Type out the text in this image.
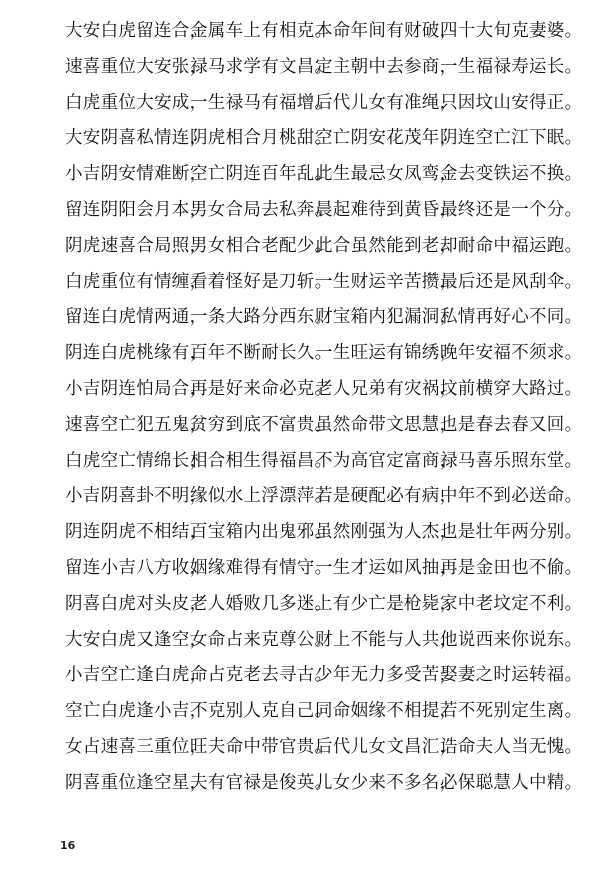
大安白虎留连合，
金属车上有相克。
本命年间有财破，
四十大旬克妻婆。
速喜重位大安张，
禄马求学有文昌。
定主朝中去参商，
一生福禄寿运长。
白虎重位大安成，
一生禄马有福增。
后代儿女有准绳，
只因坟山安得正。
大安阴喜私情连，
阴虎相合月桃甜。
空亡阴安花茂年，
阴连空亡江下眠。
小吉阴安情难断，
空亡阴连百年乱。
此生最忌女凤鸾，
金去变铁运不换。
留连阴阳会月本，
男女合局去私奔。
晨起难待到黄昏，
最终还是一个分。
阴虎速喜合局照，
男女相合老配少。
此合虽然能到老，
却耐命中福运跑。
白虎重位有情缠，
看着怪好是刀斩。
一生财运辛苦攒，
最后还是风刮伞。
留连白虎情两通，
一条大路分西东。
财宝箱内犯漏洞，
私情再好心不同。
阴连白虎桃缘有，
百年不断耐长久。
一生旺运有锦绣，
晚年安福不须求。
小吉阴连怕局合，
再是好来命必克。
老人兄弟有灾祸，
坟前横穿大路过。
速喜空亡犯五鬼，
贫穷到底不富贵。
虽然命带文思慧，
也是春去春又回。
白虎空亡情绵长，
相合相生得福昌。
不为高官定富商，
禄马喜乐照东堂。
小吉阴喜卦不明，
缘似水上浮漂萍。
若是硬配必有病，
中年不到必送命。
阴连阴虎不相结，
百宝箱内出鬼邪。
虽然刚强为人杰，
也是壮年两分别。
留连小吉八方收，
姻缘难得有情守。
一生才运如风抽，
再是金田也不偷。
阴喜白虎对头皮，
老人婚败几多迷。
上有少亡是枪毙，
家中老坟定不利。
大安白虎又逢空，
女命占来克尊公。
财上不能与人共，
他说西来你说东。
小吉空亡逢白虎，
命占克老去寻古。
少年无力多受苦，
娶妻之时运转福。
空亡白虎逢小吉，
不克别人克自己。
同命姻缘不相提，
若不死别定生离。
女占速喜三重位，
旺夫命中带官贵。
后代儿女文昌汇，
诰命夫人当无愧。
阴喜重位逢空星，
夫有官禄是俊英。
儿女少来不多名，
必保聪慧人中精。
16
